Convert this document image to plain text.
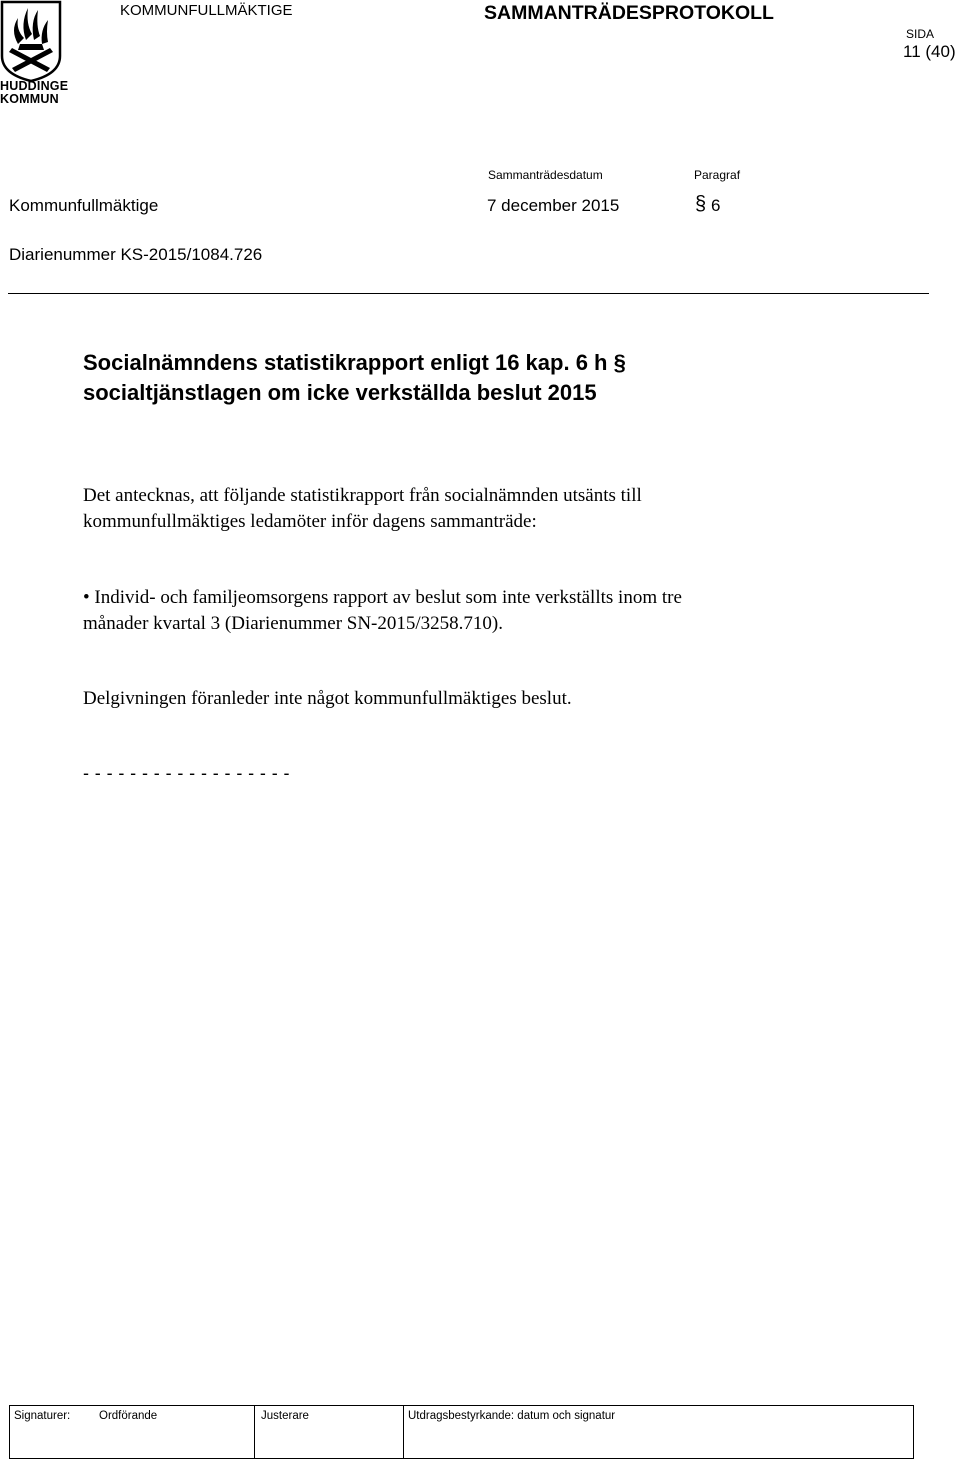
HUDDINGE
KOMMUN
KOMMUNFULLMÄKTIGE	SAMMANTRÄDESPROTOKOLL
SIDA
11 (40)
Sammanträdesdatum	Paragraf
Kommunfullmäktige	7 december 2015	§ 6
Diarienummer KS-2015/1084.726
Socialnämndens statistikrapport enligt 16 kap. 6 h §
socialtjänstlagen om icke verkställda beslut 2015
Det antecknas, att följande statistikrapport från socialnämnden utsänts till
kommunfullmäktiges ledamöter inför dagens sammanträde:
• Individ- och familjeomsorgens rapport av beslut som inte verkställts inom tre
månader kvartal 3 (Diarienummer SN-2015/3258.710).
Delgivningen föranleder inte något kommunfullmäktiges beslut.
- - - - - - - - - - - - - - - - - -
Signaturer: Ordförande	Justerare	Utdragsbestyrkande: datum och signatur
